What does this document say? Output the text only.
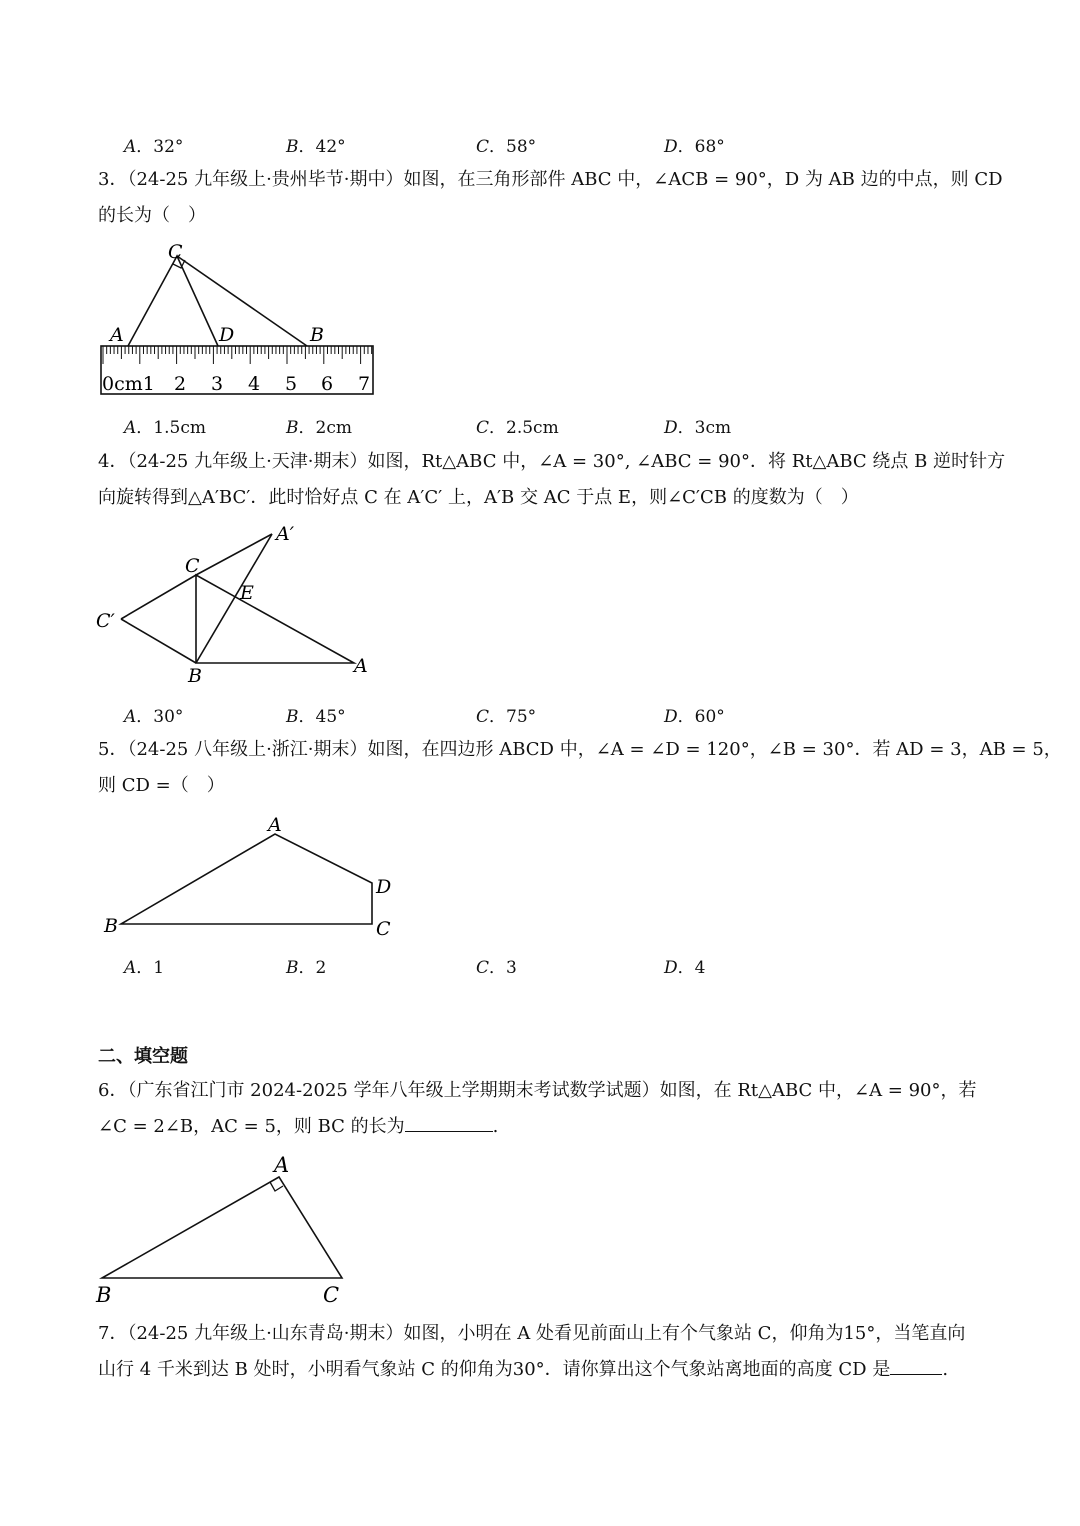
A．32°	B．42°	C．58°	D．68°
3．（24-25 九年级上·贵州毕节·期中）如图，在三角形部件 ABC 中，∠ACB = 90°，D 为 AB 边的中点，则 CD
的长为（　）
C
A	D	B
0cm1 2 3 4 5 6 7
A．1.5cm	B．2cm	C．2.5cm	D．3cm
4．（24-25 九年级上·天津·期末）如图，Rt△ABC 中，∠A = 30°, ∠ABC = 90°．将 Rt△ABC 绕点 B 逆时针方
向旋转得到△A′BC′．此时恰好点 C 在 A′C′ 上，A′B 交 AC 于点 E，则∠C′CB 的度数为（　）
A′
C
E
C′
B	A
A．30°	B．45°	C．75°	D．60°
5．（24-25 八年级上·浙江·期末）如图，在四边形 ABCD 中，∠A = ∠D = 120°，∠B = 30°．若 AD = 3，AB = 5，
则 CD =（　）
A
D
B	C
A．1	B．2	C．3	D．4
二、填空题
6．（广东省江门市 2024-2025 学年八年级上学期期末考试数学试题）如图，在 Rt△ABC 中，∠A = 90°，若
∠C = 2∠B，AC = 5，则 BC 的长为	.
A
B	C
7．（24-25 九年级上·山东青岛·期末）如图，小明在 A 处看见前面山上有个气象站 C，仰角为15°，当笔直向
山行 4 千米到达 B 处时，小明看气象站 C 的仰角为30°．请你算出这个气象站离地面的高度 CD 是	.
